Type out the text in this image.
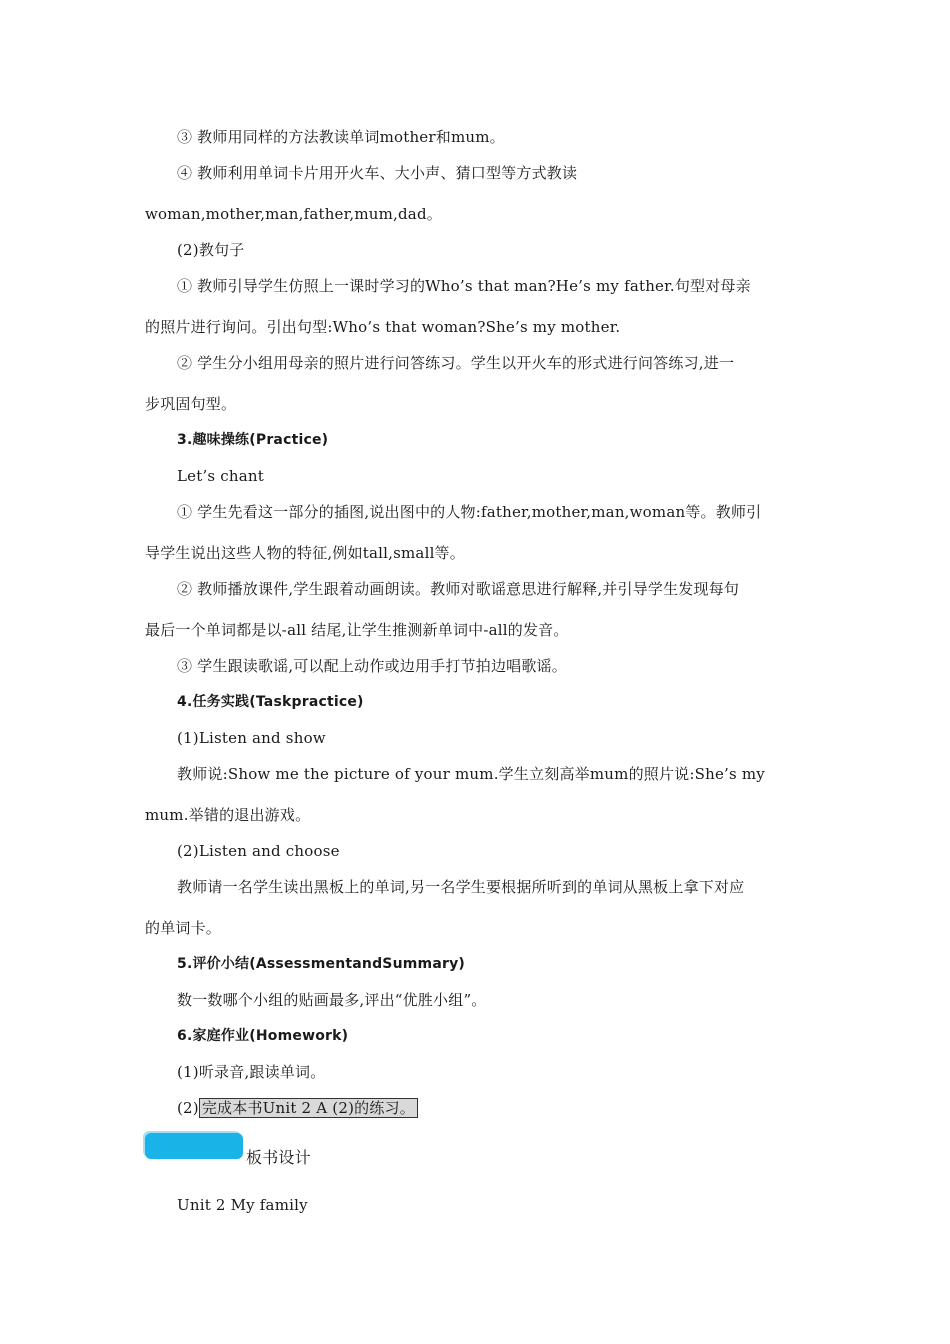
③ 教师用同样的方法教读单词mother和mum。
④ 教师利用单词卡片用开火车、大小声、猜口型等方式教读
woman,mother,man,father,mum,dad。
(2)教句子
① 教师引导学生仿照上一课时学习的Who’s that man?He’s my father.句型对母亲
的照片进行询问。引出句型:Who’s that woman?She’s my mother.
② 学生分小组用母亲的照片进行问答练习。学生以开火车的形式进行问答练习,进一
步巩固句型。
3.趣味操练(Practice)
Let’s chant
① 学生先看这一部分的插图,说出图中的人物:father,mother,man,woman等。教师引
导学生说出这些人物的特征,例如tall,small等。
② 教师播放课件,学生跟着动画朗读。教师对歌谣意思进行解释,并引导学生发现每句
最后一个单词都是以-all 结尾,让学生推测新单词中-all的发音。
③ 学生跟读歌谣,可以配上动作或边用手打节拍边唱歌谣。
4.任务实践(Taskpractice)
(1)Listen and show
教师说:Show me the picture of your mum.学生立刻高举mum的照片说:She’s my
mum.举错的退出游戏。
(2)Listen and choose
教师请一名学生读出黑板上的单词,另一名学生要根据所听到的单词从黑板上拿下对应
的单词卡。
5.评价小结(AssessmentandSummary)
数一数哪个小组的贴画最多,评出“优胜小组”。
6.家庭作业(Homework)
(1)听录音,跟读单词。
(2) 完成本书Unit 2 A (2)的练习。
板书设计
Unit 2 My family
